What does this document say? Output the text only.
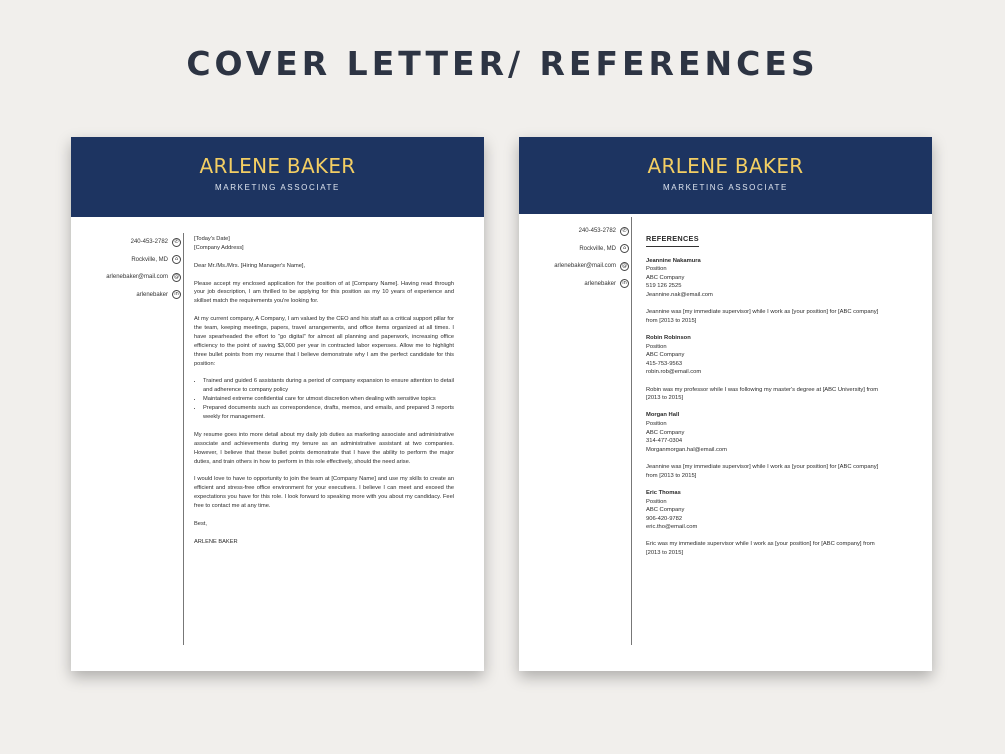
COVER LETTER/ REFERENCES
ARLENE BAKER
MARKETING ASSOCIATE
240-453-2782	✆
Rockville, MD	⌂
arlenebaker@mail.com	@
arlenebaker	in
[Today's Date]

[Company Address]

Dear Mr./Ms./Mrs. [Hiring Manager's Name],

Please accept my enclosed application for the position of at [Company Name]. Having read through your job description, I am thrilled to be applying for this position as my 10 years of experience and skillset match the requirements you're looking for.

At my current company, A Company, I am valued by the CEO and his staff as a critical support pillar for the team, keeping meetings, papers, travel arrangements, and office items organized at all times. I have spearheaded the effort to “go digital” for almost all planning and paperwork, increasing office efficiency to the point of saving $3,000 per year in contracted labor expenses. Allow me to highlight three bullet points from my resume that I believe demonstrate why I am the perfect candidate for this position:

• Trained and guided 6 assistants during a period of company expansion to ensure attention to detail and adherence to company policy
• Maintained extreme confidential care for utmost discretion when dealing with sensitive topics
• Prepared documents such as correspondence, drafts, memos, and emails, and prepared 3 reports weekly for management.

My resume goes into more detail about my daily job duties as marketing associate and administrative associate and achievements during my tenure as an administrative assistant at two companies. However, I believe that these bullet points demonstrate that I have the ability to perform the major duties, and train others in how to perform in this role effectively, should the need arise.

I would love to have to opportunity to join the team at [Company Name] and use my skills to create an efficient and stress-free office environment for your executives. I believe I can meet and exceed the expectations you have for this role. I look forward to speaking more with you about my candidacy. Feel free to contact me at any time.

Best,

ARLENE BAKER

ARLENE BAKER
MARKETING ASSOCIATE
240-453-2782	✆
Rockville, MD	⌂
arlenebaker@mail.com	@
arlenebaker	in
REFERENCES
Jeannine Nakamura
Position
ABC Company
519 126 2525
Jeannine.nak@email.com
Jeannine was [my immediate supervisor] while I work as [your position] for [ABC company] from [2013 to 2015]
Robin Robinson
Position
ABC Company
415-753-9563
robin.rob@email.com
Robin was my professor while I was following my master's degree at [ABC University] from [2013 to 2015]
Morgan Hall
Position
ABC Company
314-477-0304
Morganmorgan.hal@email.com
Jeannine was [my immediate supervisor] while I work as [your position] for [ABC company] from [2013 to 2015]
Eric Thomas
Position
ABC Company
906-420-9782
eric.tho@email.com
Eric was my immediate supervisor while I work as [your position] for [ABC company] from [2013 to 2015]
